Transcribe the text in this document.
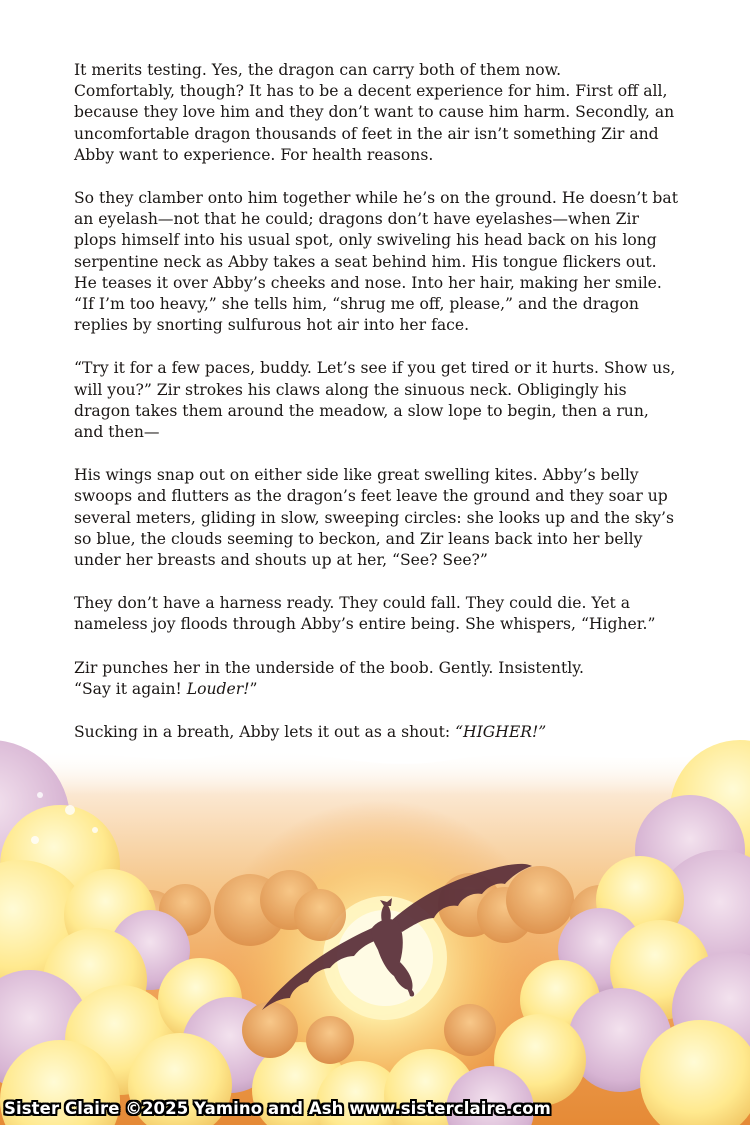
It merits testing. Yes, the dragon can carry both of them now.
Comfortably, though? It has to be a decent experience for him. First off all,
because they love him and they don’t want to cause him harm. Secondly, an
uncomfortable dragon thousands of feet in the air isn’t something Zir and
Abby want to experience. For health reasons.

So they clamber onto him together while he’s on the ground. He doesn’t bat
an eyelash—not that he could; dragons don’t have eyelashes—when Zir
plops himself into his usual spot, only swiveling his head back on his long
serpentine neck as Abby takes a seat behind him. His tongue flickers out.
He teases it over Abby’s cheeks and nose. Into her hair, making her smile.
“If I’m too heavy,” she tells him, “shrug me off, please,” and the dragon
replies by snorting sulfurous hot air into her face.

“Try it for a few paces, buddy. Let’s see if you get tired or it hurts. Show us,
will you?” Zir strokes his claws along the sinuous neck. Obligingly his
dragon takes them around the meadow, a slow lope to begin, then a run,
and then—

His wings snap out on either side like great swelling kites. Abby’s belly
swoops and flutters as the dragon’s feet leave the ground and they soar up
several meters, gliding in slow, sweeping circles: she looks up and the sky’s
so blue, the clouds seeming to beckon, and Zir leans back into her belly
under her breasts and shouts up at her, “See? See?”

They don’t have a harness ready. They could fall. They could die. Yet a
nameless joy floods through Abby’s entire being. She whispers, “Higher.”

Zir punches her in the underside of the boob. Gently. Insistently.
“Say it again! Louder!”

Sister Claire ©2025 Yamino and Ash www.sisterclaire.com
